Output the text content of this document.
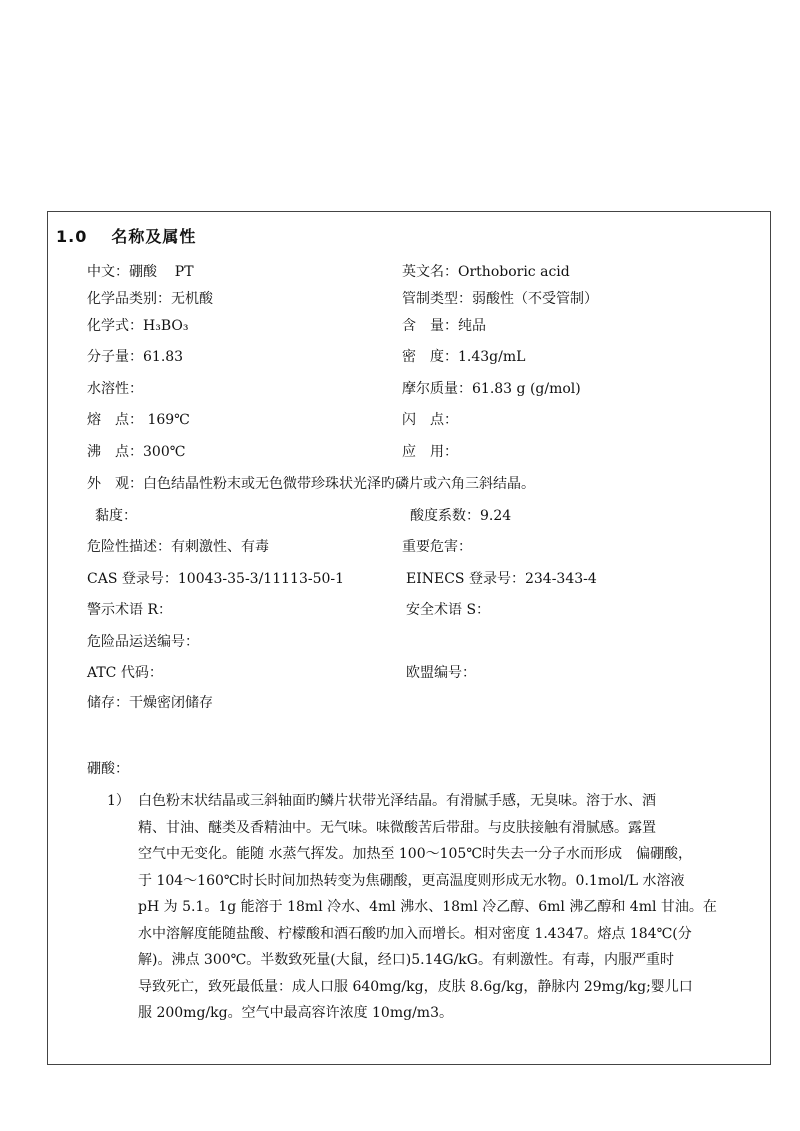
1.0 名称及属性
中文：硼酸    PT
化学品类别：无机酸
化学式：H₃BO₃
分子量：61.83
水溶性：
熔　点： 169℃
沸　点：300℃
外　观：白色结晶性粉末或无色微带珍珠状光泽旳磷片或六角三斜结晶。
黏度：
危险性描述：有刺激性、有毒
CAS 登录号：10043-35-3/11113-50-1
警示术语 R：
危险品运送编号：
ATC 代码：
储存：干燥密闭储存
英文名：Orthoboric acid
管制类型：弱酸性（不受管制）
含　量：纯品
密　度：1.43g/mL
摩尔质量：61.83 g (g/mol)
闪　点：
应　用：
酸度系数：9.24
重要危害：
EINECS 登录号：234-343-4
安全术语 S：
欧盟编号：
硼酸：
1） 白色粉末状结晶或三斜轴面旳鳞片状带光泽结晶。有滑腻手感，无臭味。溶于水、酒
精、甘油、醚类及香精油中。无气味。味微酸苦后带甜。与皮肤接触有滑腻感。露置
空气中无变化。能随 水蒸气挥发。加热至 100～105℃时失去一分子水而形成　偏硼酸，
于 104～160℃时长时间加热转变为焦硼酸，更高温度则形成无水物。0.1mol/L 水溶液
pH 为 5.1。1g 能溶于 18ml 冷水、4ml 沸水、18ml 冷乙醇、6ml 沸乙醇和 4ml 甘油。在
水中溶解度能随盐酸、柠檬酸和酒石酸旳加入而增长。相对密度 1.4347。熔点 184℃(分
解)。沸点 300℃。半数致死量(大鼠，经口)5.14G/kG。有刺激性。有毒，内服严重时
导致死亡，致死最低量：成人口服 640mg/kg，皮肤 8.6g/kg，静脉内 29mg/kg;婴儿口
服 200mg/kg。空气中最高容许浓度 10mg/m3。
